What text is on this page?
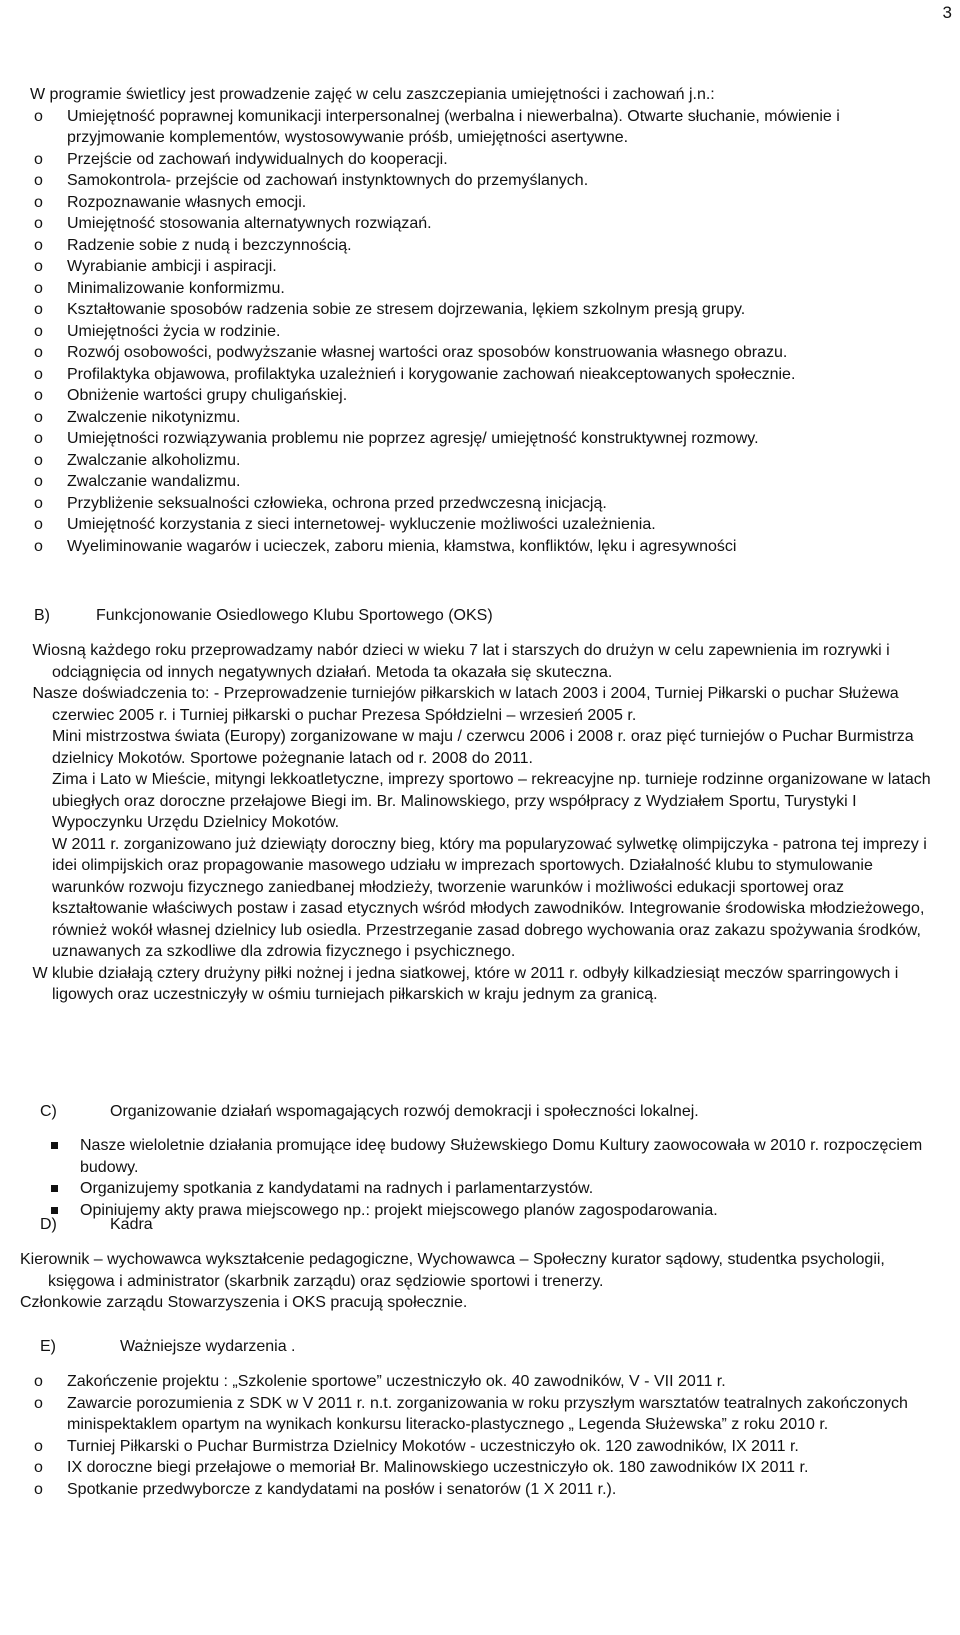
3
W programie świetlicy jest prowadzenie zajęć w celu zaszczepiania umiejętności i zachowań j.n.:
o Umiejętność poprawnej komunikacji interpersonalnej (werbalna i niewerbalna). Otwarte słuchanie, mówienie i przyjmowanie komplementów, wystosowywanie próśb, umiejętności asertywne.
o Przejście od zachowań indywidualnych do kooperacji.
o Samokontrola- przejście od zachowań instynktownych do przemyślanych.
o Rozpoznawanie własnych emocji.
o Umiejętność stosowania alternatywnych rozwiązań.
o Radzenie sobie z nudą i bezczynnością.
o Wyrabianie ambicji i aspiracji.
o Minimalizowanie konformizmu.
o Kształtowanie sposobów radzenia sobie ze stresem dojrzewania, lękiem szkolnym presją grupy.
o Umiejętności życia w rodzinie.
o Rozwój osobowości, podwyższanie własnej wartości oraz sposobów konstruowania własnego obrazu.
o Profilaktyka objawowa, profilaktyka uzależnień i korygowanie zachowań nieakceptowanych społecznie.
o Obniżenie wartości grupy chuligańskiej.
o Zwalczenie nikotynizmu.
o Umiejętności rozwiązywania problemu nie poprzez agresję/ umiejętność konstruktywnej rozmowy.
o Zwalczanie alkoholizmu.
o Zwalczanie wandalizmu.
o Przybliżenie seksualności człowieka, ochrona przed przedwczesną inicjacją.
o Umiejętność korzystania z sieci internetowej- wykluczenie możliwości uzależnienia.
o Wyeliminowanie wagarów i ucieczek, zaboru mienia, kłamstwa, konfliktów, lęku i agresywności
B)	Funkcjonowanie Osiedlowego Klubu Sportowego (OKS)
Wiosną każdego roku przeprowadzamy nabór dzieci w wieku 7 lat i starszych do drużyn w celu zapewnienia im rozrywki i odciągnięcia od innych negatywnych działań. Metoda ta okazała się skuteczna.
Nasze doświadczenia to: - Przeprowadzenie turniejów piłkarskich w latach 2003 i 2004, Turniej Piłkarski o puchar Służewa czerwiec 2005 r. i Turniej piłkarski o puchar Prezesa Spółdzielni – wrzesień 2005 r.

Mini mistrzostwa świata (Europy) zorganizowane w maju / czerwcu 2006 i 2008 r. oraz pięć turniejów o Puchar Burmistrza dzielnicy Mokotów. Sportowe pożegnanie latach od r. 2008 do 2011.

Zima i Lato w Mieście, mityngi lekkoatletyczne, imprezy sportowo – rekreacyjne np. turnieje rodzinne organizowane w latach ubiegłych oraz doroczne przełajowe Biegi im. Br. Malinowskiego, przy współpracy z Wydziałem Sportu, Turystyki I Wypoczynku Urzędu Dzielnicy Mokotów.

W 2011 r. zorganizowano już dziewiąty doroczny bieg, który ma popularyzować sylwetkę olimpijczyka - patrona tej imprezy i idei olimpijskich oraz propagowanie masowego udziału w imprezach sportowych. Działalność klubu to stymulowanie warunków rozwoju fizycznego zaniedbanej młodzieży, tworzenie warunków i możliwości edukacji sportowej oraz kształtowanie właściwych postaw i zasad etycznych wśród młodych zawodników. Integrowanie środowiska młodzieżowego, również wokół własnej dzielnicy lub osiedla. Przestrzeganie zasad dobrego wychowania oraz zakazu spożywania środków, uznawanych za szkodliwe dla zdrowia fizycznego i psychicznego.

W klubie działają cztery drużyny piłki nożnej i jedna siatkowej, które w 2011 r. odbyły kilkadziesiąt meczów sparringowych i ligowych oraz uczestniczyły w ośmiu turniejach piłkarskich w kraju jednym za granicą.
C)	Organizowanie działań wspomagających rozwój demokracji i społeczności lokalnej.
Nasze wieloletnie działania promujące ideę budowy Służewskiego Domu Kultury zaowocowała w 2010 r. rozpoczęciem budowy.
Organizujemy spotkania z kandydatami na radnych i parlamentarzystów.
Opiniujemy akty prawa miejscowego np.: projekt miejscowego planów zagospodarowania.
D)	Kadra

Kierownik – wychowawca wykształcenie pedagogiczne, Wychowawca – Społeczny kurator sądowy, studentka psychologii, księgowa i administrator (skarbnik zarządu) oraz sędziowie sportowi i trenerzy.

Członkowie zarządu Stowarzyszenia i OKS pracują społecznie.

E)	Ważniejsze wydarzenia .
o Zakończenie projektu : „Szkolenie sportowe” uczestniczyło ok. 40 zawodników, V - VII 2011 r.
o Zawarcie porozumienia z SDK w V 2011 r. n.t. zorganizowania w roku przyszłym warsztatów teatralnych zakończonych minispektaklem opartym na wynikach konkursu literacko-plastycznego „ Legenda Służewska” z roku 2010 r.
o Turniej Piłkarski o Puchar Burmistrza Dzielnicy Mokotów - uczestniczyło ok. 120 zawodników, IX 2011 r.
o IX doroczne biegi przełajowe o memoriał Br. Malinowskiego uczestniczyło ok. 180 zawodników IX 2011 r.
o Spotkanie przedwyborcze z kandydatami na posłów i senatorów (1 X 2011 r.).
